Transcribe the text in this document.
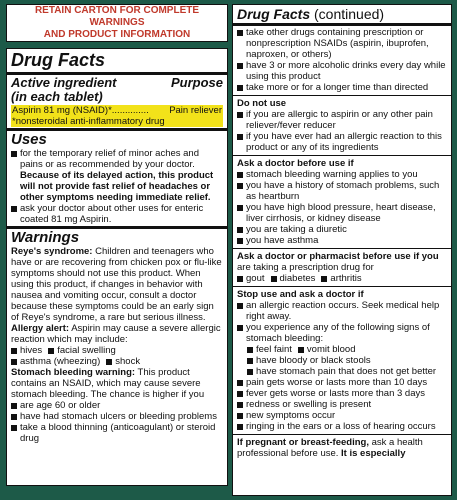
RETAIN CARTON FOR COMPLETE WARNINGS
AND PRODUCT INFORMATION
Drug Facts
Active ingredient	Purpose
(in each tablet)
Aspirin 81 mg (NSAID)*.............. Pain reliever
*nonsteroidal anti-inflammatory drug
Uses
for the temporary relief of minor aches and pains or as recommended by your doctor. Because of its delayed action, this product will not provide fast relief of headaches or other symptoms needing immediate relief.
ask your doctor about other uses for enteric coated 81 mg Aspirin.
Warnings

Reye's syndrome: Children and teenagers who have or are recovering from chicken pox or flu-like symptoms should not use this product. When using this product, if changes in behavior with nausea and vomiting occur, consult a doctor because these symptoms could be an early sign of Reye's syndrome, a rare but serious illness.

Allergy alert: Aspirin may cause a severe allergic reaction which may include:

hives	facial swelling
asthma (wheezing)	shock

Stomach bleeding warning: This product contains an NSAID, which may cause severe stomach bleeding. The chance is higher if you

are age 60 or older
have had stomach ulcers or bleeding problems
take a blood thinning (anticoagulant) or steroid drug
Drug Facts (continued)
take other drugs containing prescription or nonprescription NSAIDs (aspirin, ibuprofen, naproxen, or others)
have 3 or more alcoholic drinks every day while using this product
take more or for a longer time than directed
Do not use
if you are allergic to aspirin or any other pain reliever/fever reducer
if you have ever had an allergic reaction to this product or any of its ingredients
Ask a doctor before use if
stomach bleeding warning applies to you
you have a history of stomach problems, such as heartburn
you have high blood pressure, heart disease, liver cirrhosis, or kidney disease
you are taking a diuretic
you have asthma

Ask a doctor or pharmacist before use if you are taking a prescription drug for

gout	diabetes	arthritis
Stop use and ask a doctor if
an allergic reaction occurs. Seek medical help right away.
you experience any of the following signs of stomach bleeding:
feel faint	vomit blood
have bloody or black stools
have stomach pain that does not get better
pain gets worse or lasts more than 10 days
fever gets worse or lasts more than 3 days
redness or swelling is present
new symptoms occur
ringing in the ears or a loss of hearing occurs

If pregnant or breast-feeding, ask a health professional before use. It is especially
